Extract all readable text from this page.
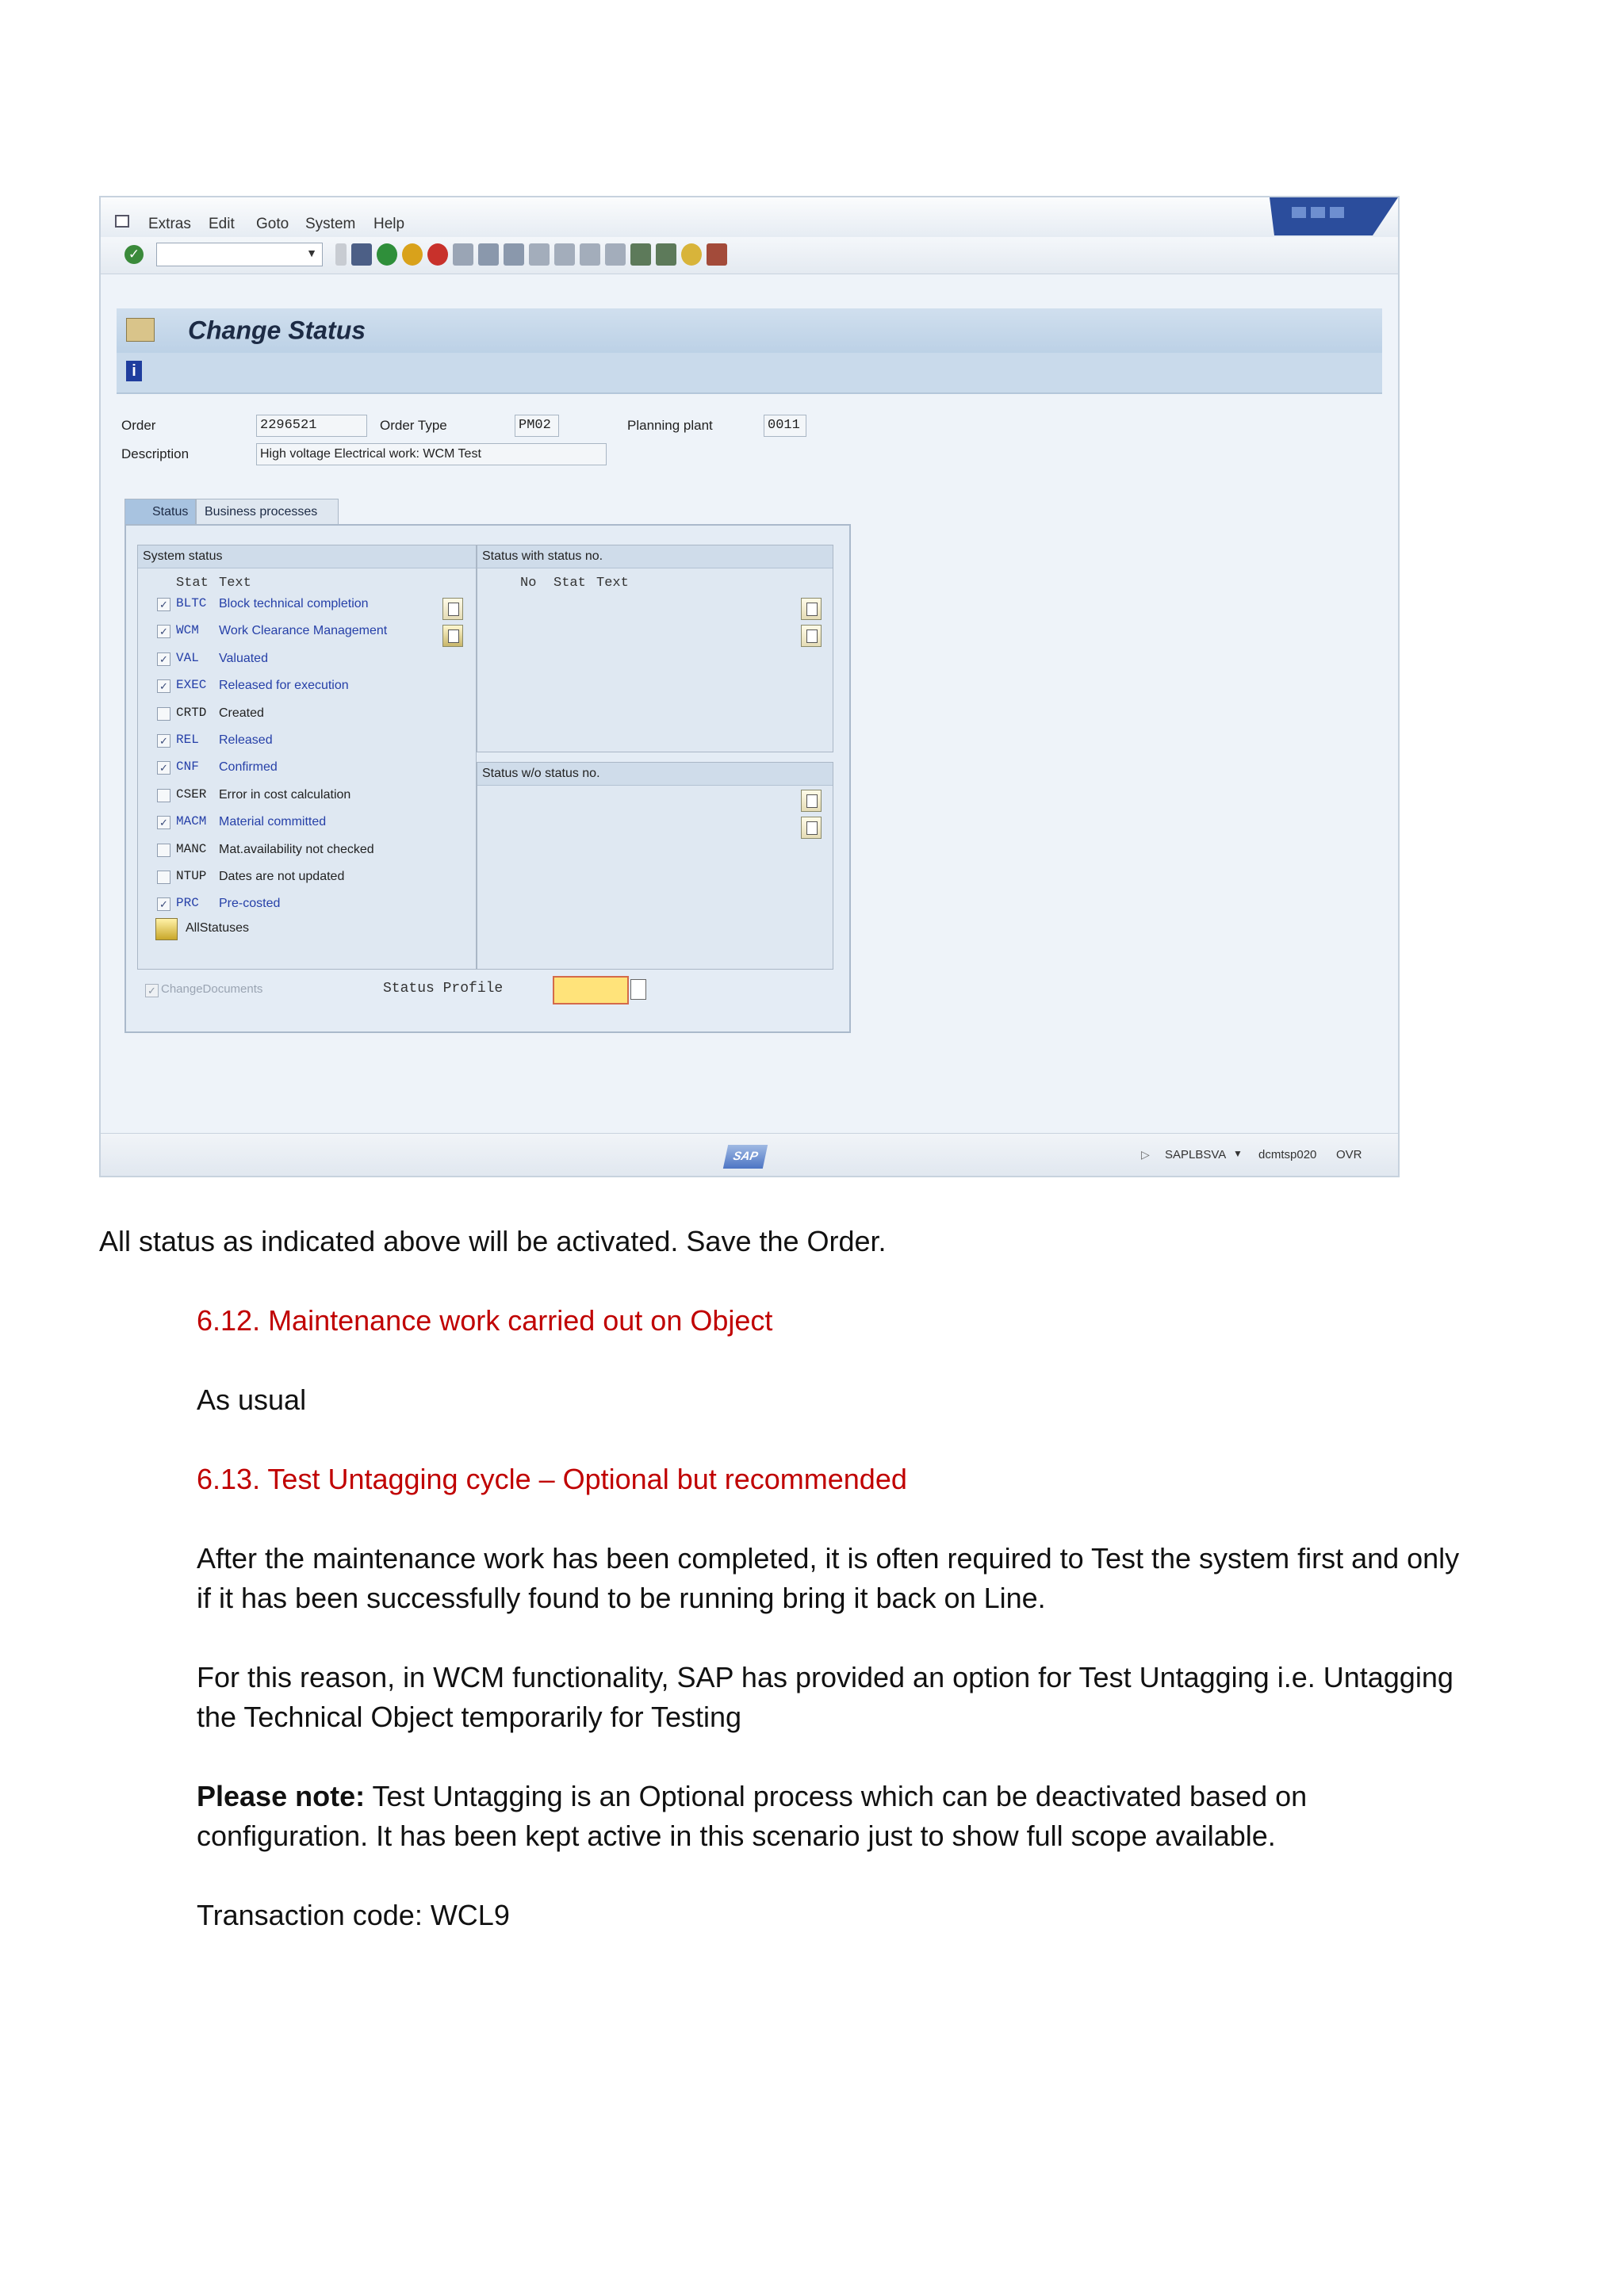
Extras Edit Goto System Help
✓	▼
Change Status
i
Order	2296521	Order Type	PM02	Planning plant	0011
Description	High voltage Electrical work: WCM Test
Status	Business processes
System status
Stat Text
✓ BLTC Block technical completion
✓ WCM Work Clearance Management
✓ VAL Valuated
✓ EXEC Released for execution
CRTD Created
✓ REL Released
✓ CNF Confirmed
CSER Error in cost calculation
✓ MACM Material committed
MANC Mat.availability not checked
NTUP Dates are not updated
✓ PRC Pre-costed
AllStatuses
Status with status no.
No Stat Text
Status w/o status no.
✓ ChangeDocuments	Status Profile
SAP	▷ SAPLBSVA ▼ dcmtsp020 OVR
All status as indicated above will be activated. Save the Order.
6.12. Maintenance work carried out on Object
As usual
6.13. Test Untagging cycle – Optional but recommended
After the maintenance work has been completed, it is often required to Test the system first and only
if it has been successfully found to be running bring it back on Line.
For this reason, in WCM functionality, SAP has provided an option for Test Untagging i.e. Untagging
the Technical Object temporarily for Testing
Please note: Test Untagging is an Optional process which can be deactivated based on
configuration. It has been kept active in this scenario just to show full scope available.
Transaction code: WCL9
